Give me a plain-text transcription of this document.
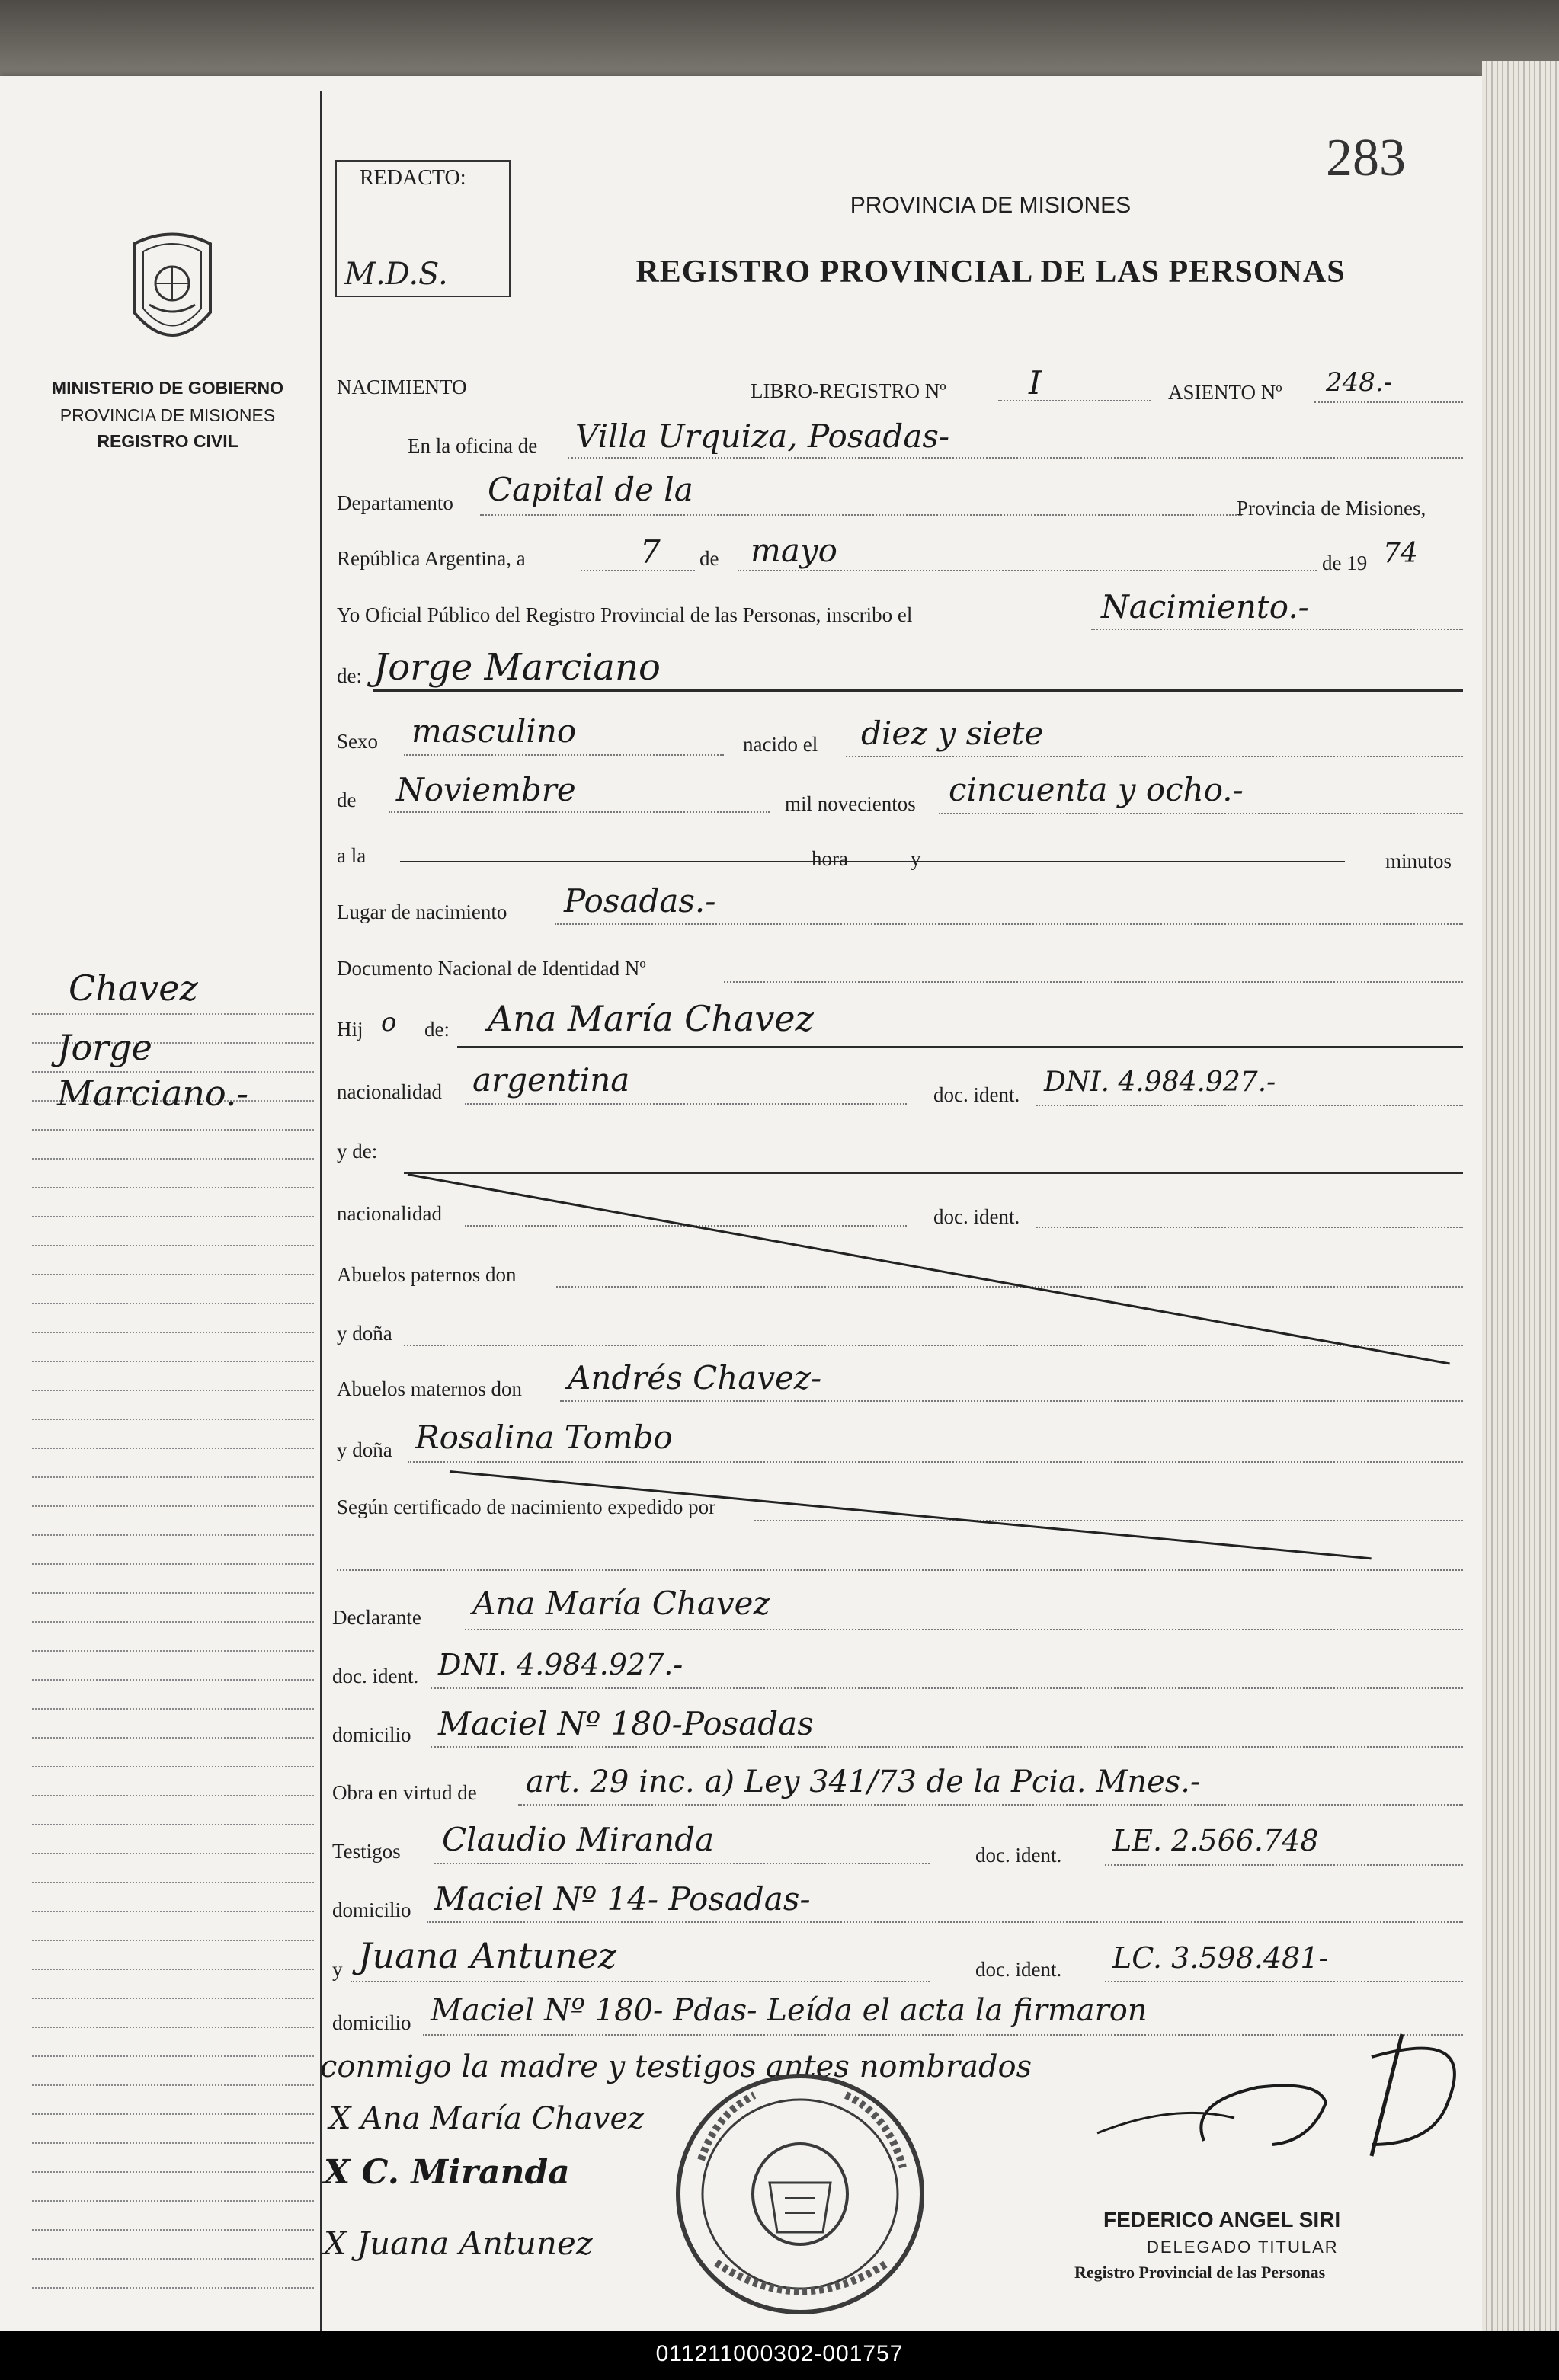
283
REDACTO:
M.D.S.
PROVINCIA DE MISIONES
REGISTRO PROVINCIAL DE LAS PERSONAS
MINISTERIO DE GOBIERNO
PROVINCIA DE MISIONES
REGISTRO CIVIL
Chavez
Jorge
Marciano.-
NACIMIENTO	LIBRO-REGISTRO Nº	I	ASIENTO Nº 248.-
En la oficina de Villa Urquiza, Posadas-
Departamento Capital de la	Provincia de Misiones,
República Argentina, a	7 de mayo	de 19 74
Yo Oficial Público del Registro Provincial de las Personas, inscribo el	Nacimiento.-
de: Jorge Marciano
Sexo masculino	nacido el diez y siete
de Noviembre	mil novecientos cincuenta y ocho.-
a la	hora	y	minutos
Lugar de nacimiento Posadas.-
Documento Nacional de Identidad Nº
Hij o de: Ana María Chavez
nacionalidad argentina	doc. ident. DNI. 4.984.927.-
y de:
nacionalidad	doc. ident.
Abuelos paternos don
y doña
Abuelos maternos don Andrés Chavez-
y doña Rosalina Tombo
Según certificado de nacimiento expedido por
Declarante Ana María Chavez
doc. ident. DNI. 4.984.927.-
domicilio Maciel Nº 180-Posadas
Obra en virtud de art. 29 inc. a) Ley 341/73 de la Pcia. Mnes.-
Testigos Claudio Miranda	doc. ident. LE. 2.566.748
domicilio Maciel Nº 14- Posadas-
y Juana Antunez	doc. ident. LC. 3.598.481-
domicilio Maciel Nº 180- Pdas- Leída el acta la firmaron
conmigo la madre y testigos antes nombrados
X Ana María Chavez
X C. Miranda
X Juana Antunez
FEDERICO ANGEL SIRI
DELEGADO TITULAR
Registro Provincial de las Personas
011211000302-001757
